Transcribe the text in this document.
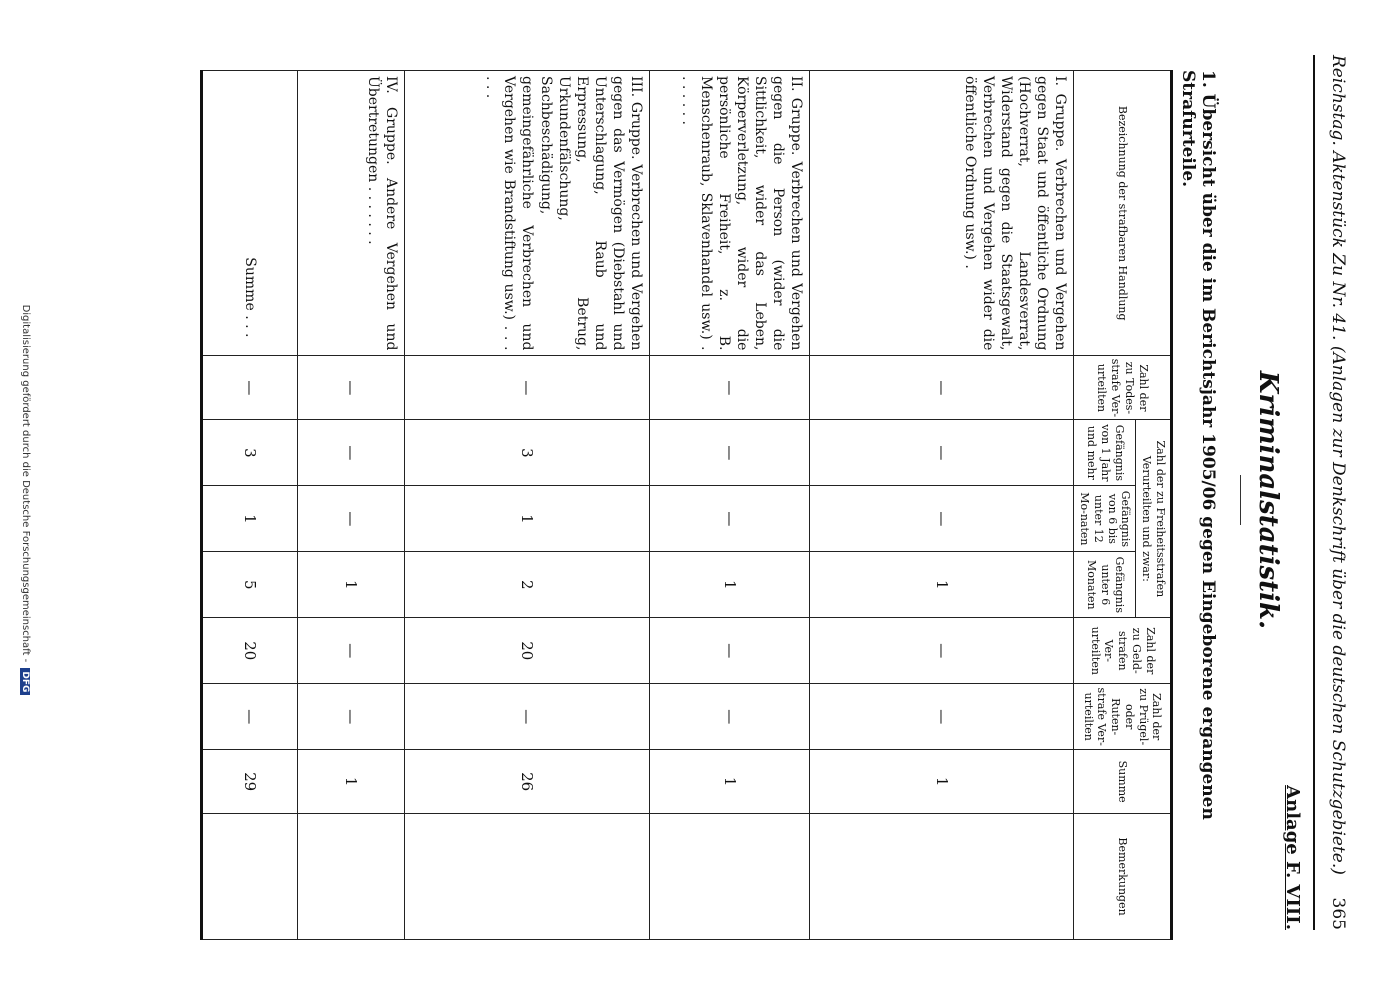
Reichstag. Aktenstück Zu Nr. 41. (Anlagen zur Denkschrift über die deutschen Schutzgebiete.)
365
Anlage F. VIII.
Kriminalstatistik.
1. Übersicht über die im Berichtsjahr 1905/06 gegen Eingeborene ergangenen Strafurteile.
Bezeichnung der strafbaren Handlung	Zahl der zu Todes-strafe Ver-urteilten	Zahl der zu Freiheitsstrafen Verurteilten und zwar:			Zahl der zu Geld-strafen Ver-urteilten	Zahl der zu Prügel- oder Ruten-strafe Ver-urteilten	Summe	Bemerkungen
		Gefängnis von 1 Jahr und mehr	Gefängnis von 6 bis unter 12 Mo-naten	Gefängnis unter 6 Monaten				
I. Gruppe. Verbrechen und Vergehen gegen Staat und öffentliche Ordnung (Hochverrat, Landesverrat, Widerstand gegen die Staatsgewalt, Verbrechen und Vergehen wider die öffentliche Ordnung usw.) .	—	—	—	1	—	—	1	
II. Gruppe. Verbrechen und Vergehen gegen die Person (wider die Sittlichkeit, wider das Leben, Körperverletzung, wider die persönliche Freiheit, z. B. Menschenraub, Sklavenhandel usw.) . . . . . . .	—	—	—	1	—	—	1	
III. Gruppe. Verbrechen und Vergehen gegen das Vermögen (Diebstahl und Unterschlagung, Raub und Erpressung, Betrug, Urkundenfälschung, Sachbeschädigung, gemeingefährliche Verbrechen und Vergehen wie Brandstiftung usw.) . . . . . .	—	3	1	2	20	—	26	
IV. Gruppe. Andere Vergehen und Übertretungen . . . . . . .	—	—	—	1	—	—	1	
Summe . . .	—	3	1	5	20	—	29	
Digitalisierung gefördert durch die Deutsche Forschungsgemeinschaft - DFG
